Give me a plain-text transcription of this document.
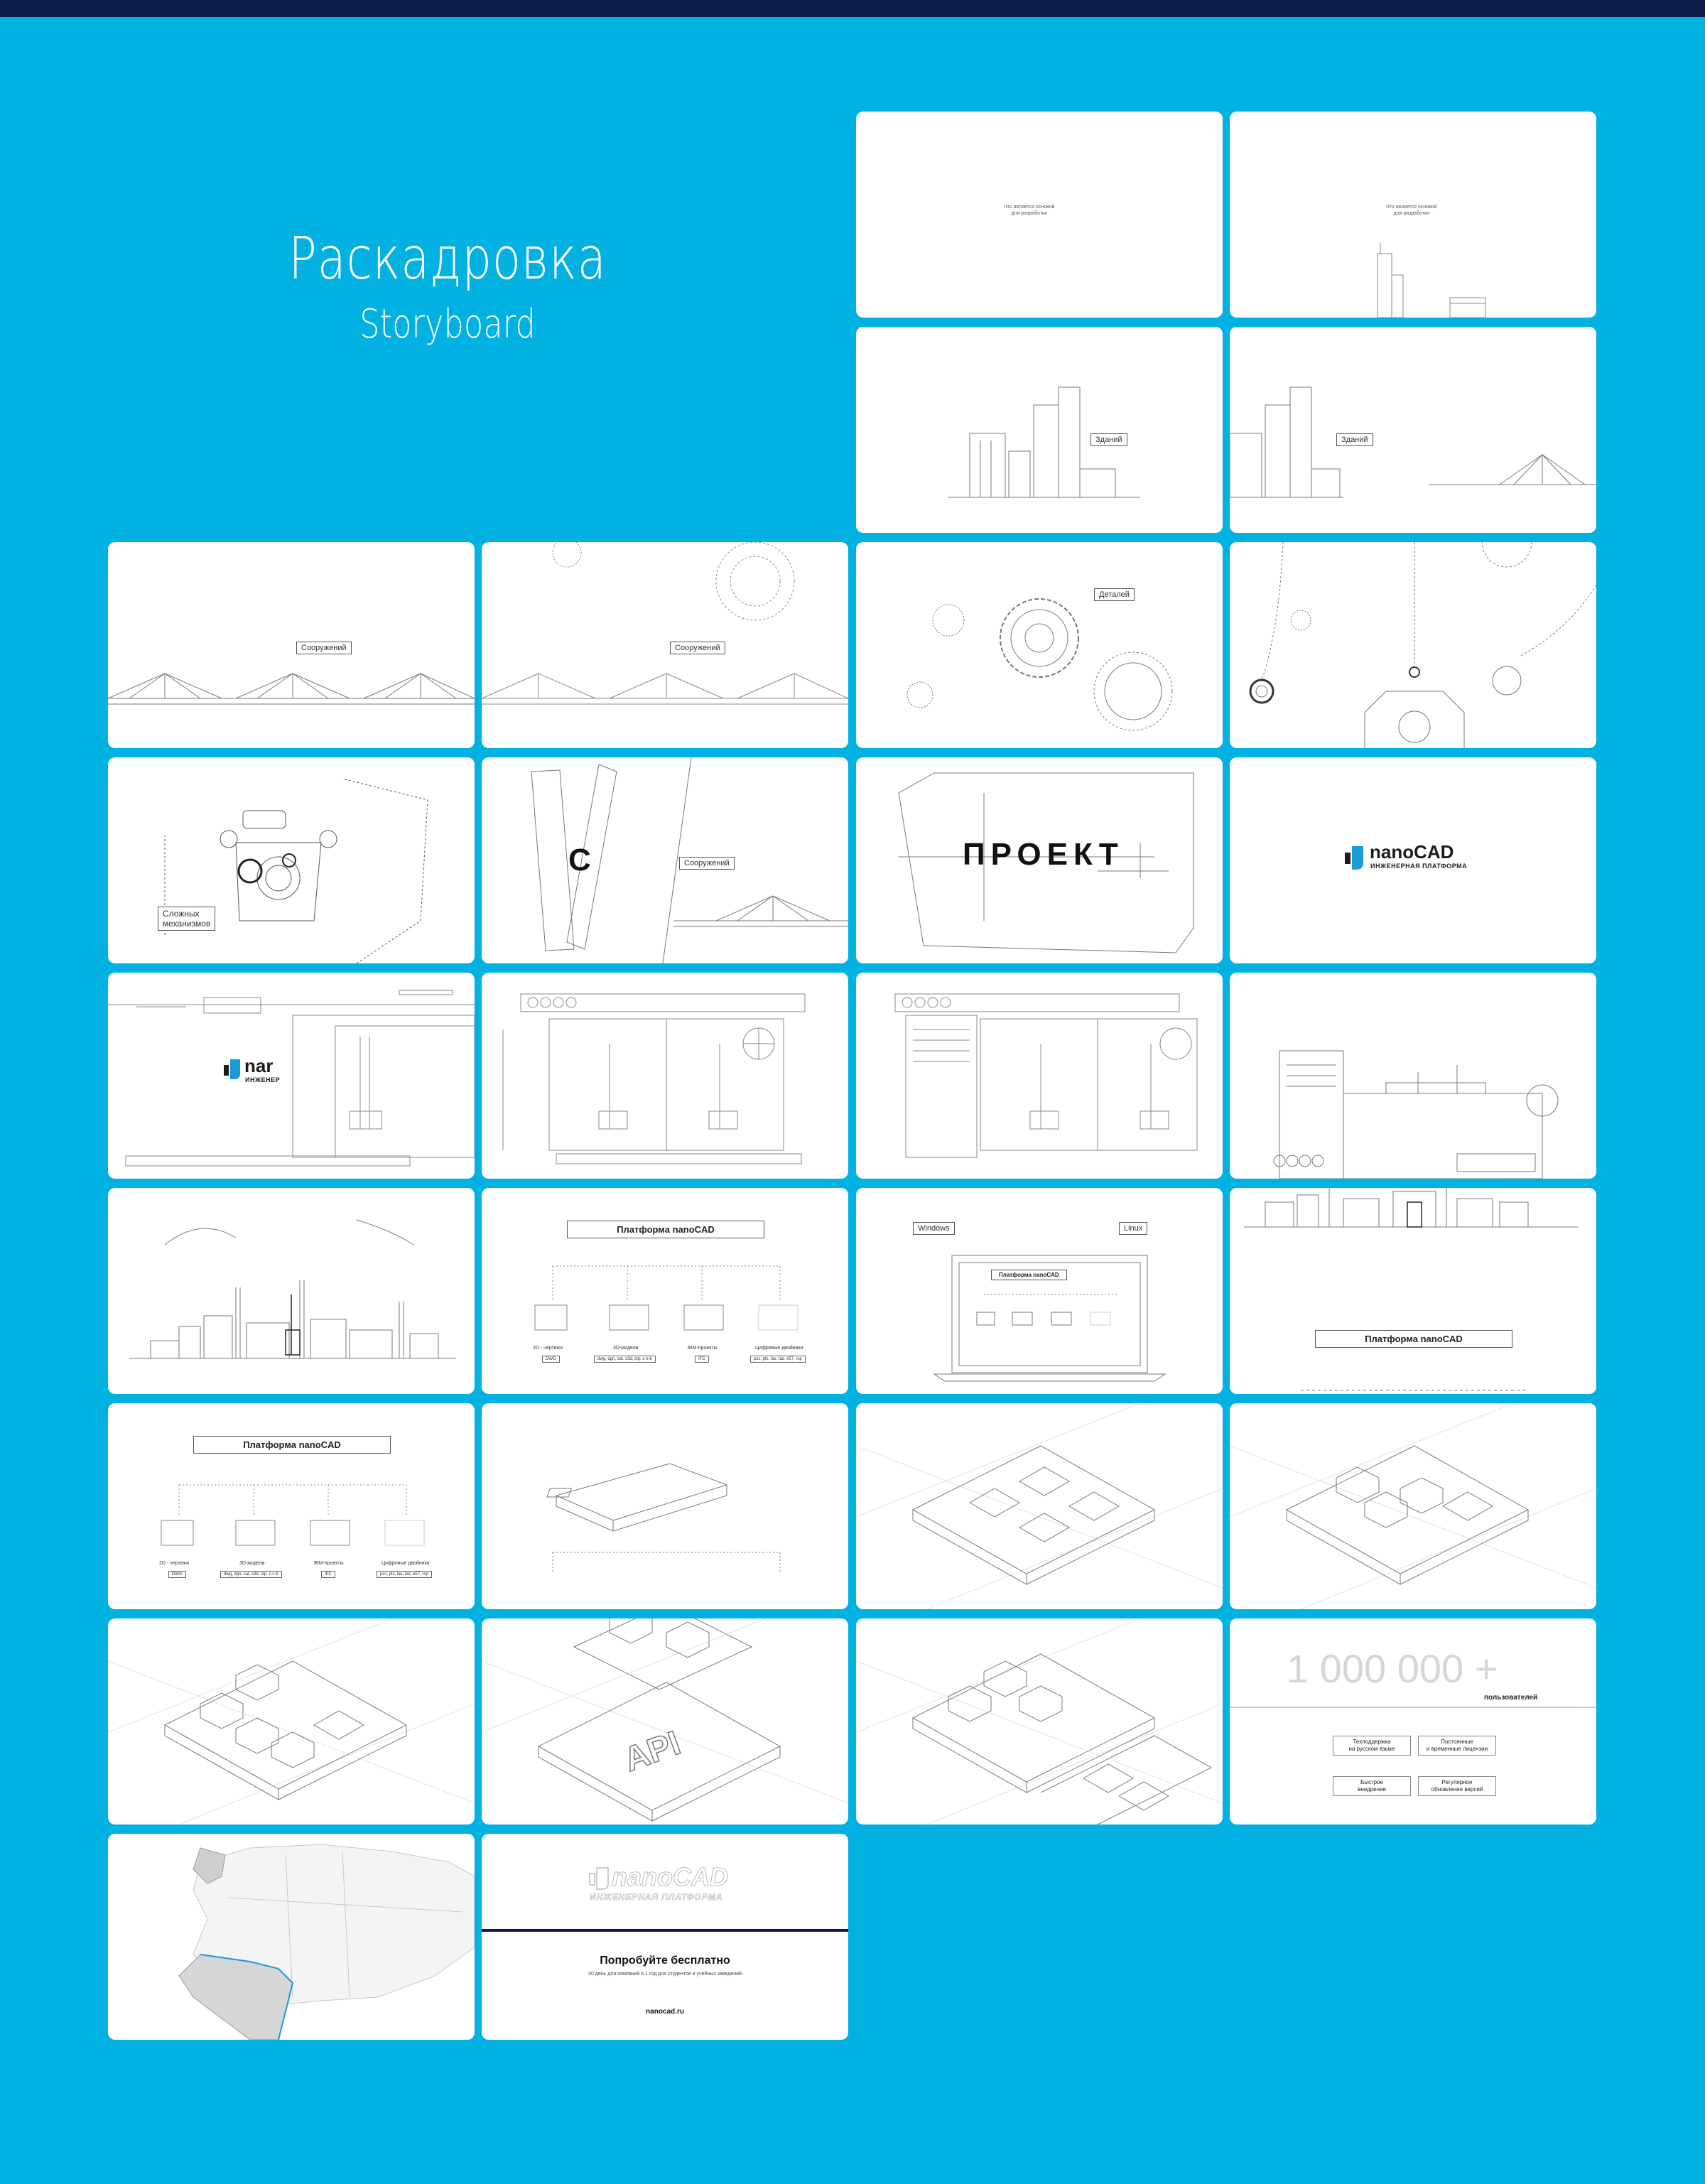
Раскадровка
Storyboard
Что является основой
для разработки
Что является основой
для разработки
Зданий	Зданий
Сооружений	Сооружений
Деталей
Сложных
механизмов
С	Сооружений	ПРОЕКТ	nanoCAD
ИНЖЕНЕРНАЯ ПЛАТФОРМА
nar
ИНЖЕНЕР
Платформа nanoCAD
2D - чертежи	3D-модели	BIM-проекты	Цифровые двойники
DWG	dwg, dgn, sat, x3d, stp, c-s-b	IFC	pcs, pts, las, laz, e57, rcp
Windows	Linux
Платформа nanoCAD
Платформа nanoCAD
Платформа nanoCAD
2D - чертежи	3D-модели	BIM-проекты	Цифровые двойники
DWG	dwg, dgn, sat, x3d, stp, c-s-b	IFC	pcs, pts, las, laz, e57, rcp
API
1 000 000 +
пользователей
Техподдержка
на русском языке
Постоянные
и временные лицензии
Быстрое
внедрение
Регулярное
обновление версий
nanoCAD
ИНЖЕНЕРНАЯ ПЛАТФОРМА
Попробуйте бесплатно
30 день для компаний и 1 год для студентов и учебных заведений
nanocad.ru
